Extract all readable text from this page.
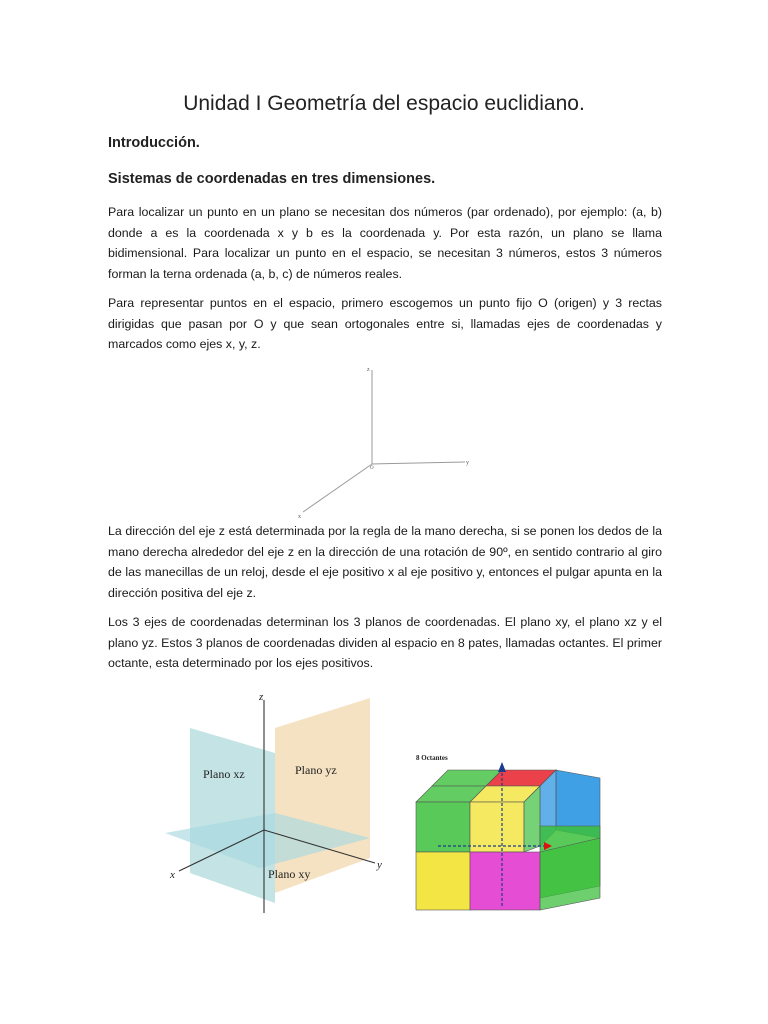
Unidad I Geometría del espacio euclidiano.
Introducción.
Sistemas de coordenadas en tres dimensiones.
Para localizar un punto en un plano se necesitan dos números (par ordenado), por ejemplo: (a, b) donde a es la coordenada x y b es la coordenada y. Por esta razón, un plano se llama bidimensional. Para localizar un punto en el espacio, se necesitan 3 números, estos 3 números forman la terna ordenada (a, b, c) de números reales.
Para representar puntos en el espacio, primero escogemos un punto fijo O (origen) y 3 rectas dirigidas que pasan por O y que sean ortogonales entre si, llamadas ejes de coordenadas y marcados como ejes x, y, z.
z
y
x
O
La dirección del eje z está determinada por la regla de la mano derecha, si se ponen los dedos de la mano derecha alrededor del eje z en la dirección de una rotación de 90º, en sentido contrario al giro de las manecillas de un reloj, desde el eje positivo x al eje positivo y, entonces el pulgar apunta en la dirección positiva del eje z.
Los 3 ejes de coordenadas determinan los 3 planos de coordenadas. El plano xy, el plano xz y el plano yz. Estos 3 planos de coordenadas dividen al espacio en 8 pates, llamadas octantes. El primer octante, esta determinado por los ejes positivos.
z
y
x
Plano xz	Plano yz
Plano xy
8 Octantes
